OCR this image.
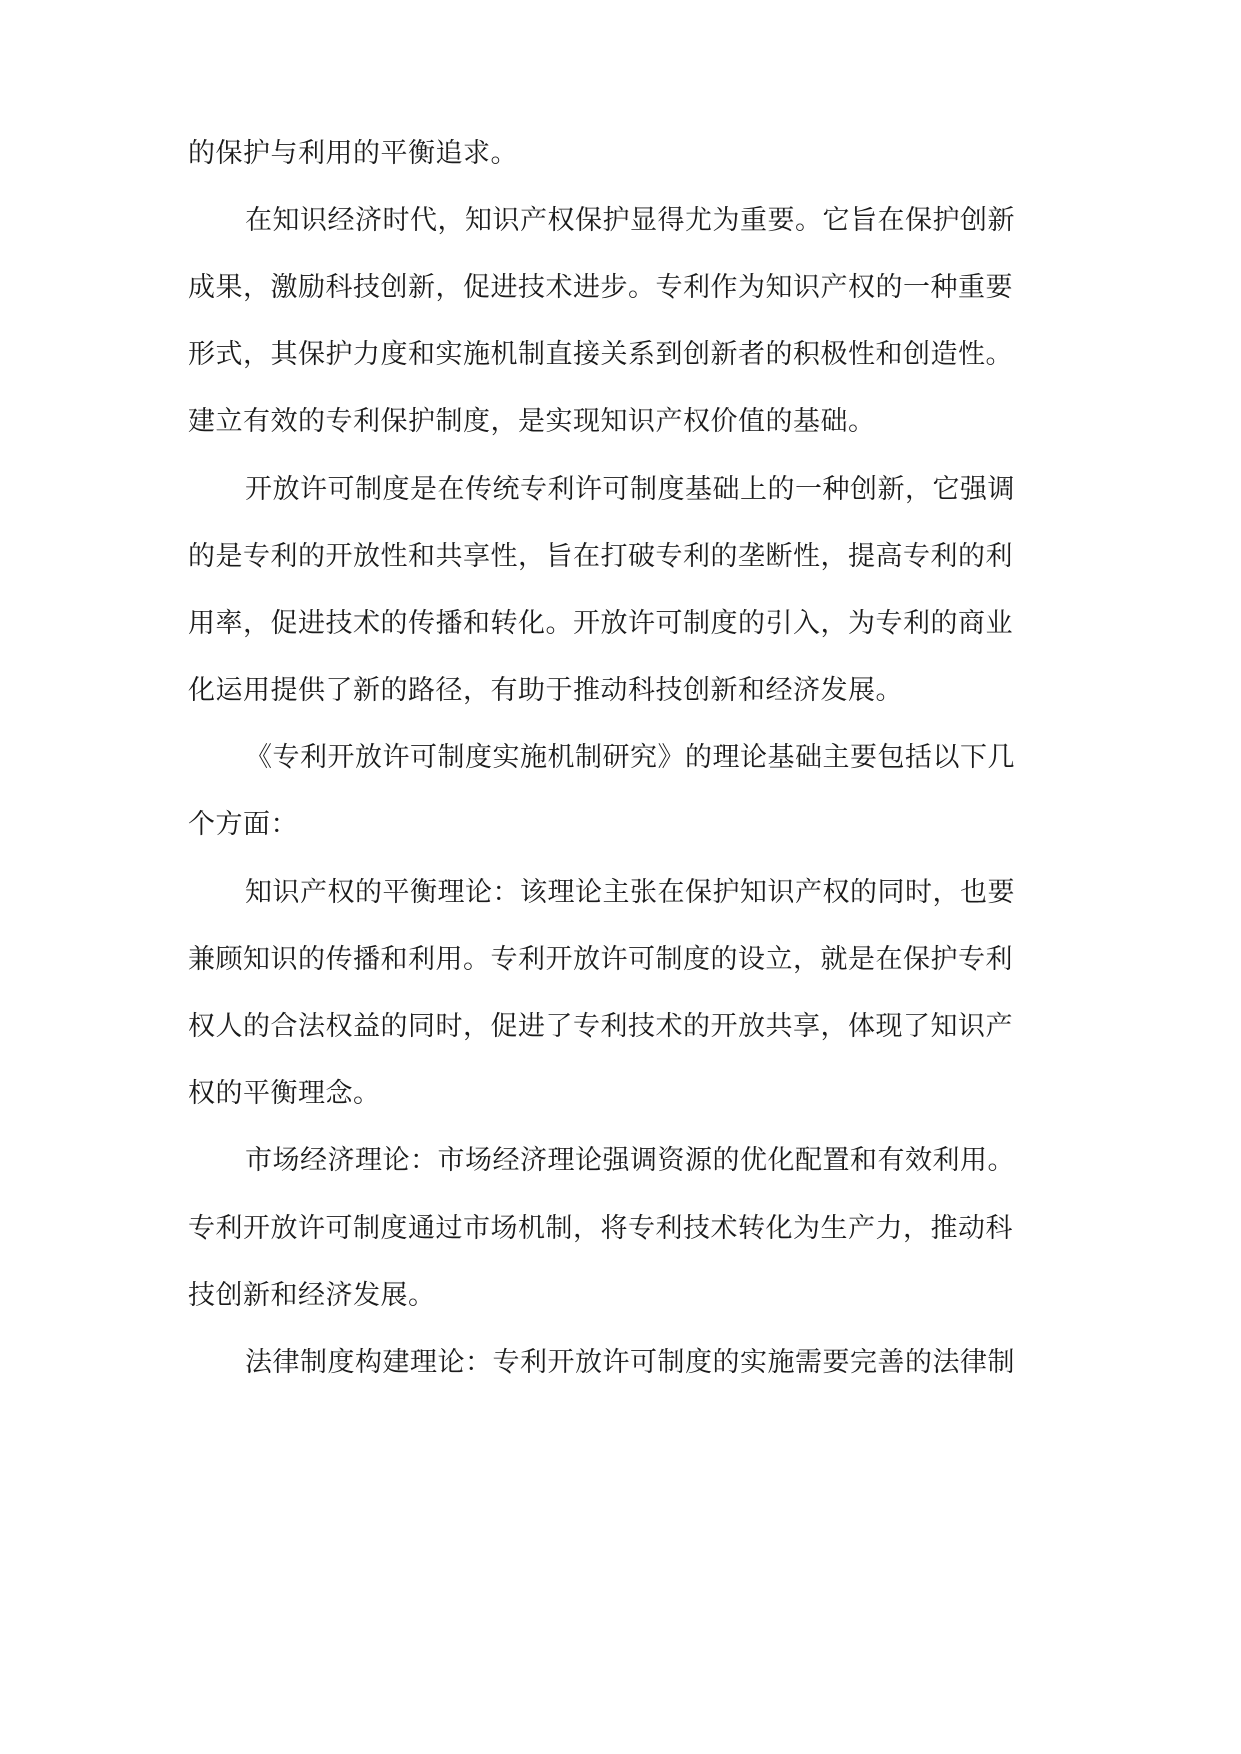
的保护与利用的平衡追求。

在知识经济时代，知识产权保护显得尤为重要。它旨在保护创新

成果，激励科技创新，促进技术进步。专利作为知识产权的一种重要

形式，其保护力度和实施机制直接关系到创新者的积极性和创造性。

建立有效的专利保护制度，是实现知识产权价值的基础。

开放许可制度是在传统专利许可制度基础上的一种创新，它强调

的是专利的开放性和共享性，旨在打破专利的垄断性，提高专利的利

用率，促进技术的传播和转化。开放许可制度的引入，为专利的商业

化运用提供了新的路径，有助于推动科技创新和经济发展。

《专利开放许可制度实施机制研究》的理论基础主要包括以下几

个方面：

知识产权的平衡理论：该理论主张在保护知识产权的同时，也要

兼顾知识的传播和利用。专利开放许可制度的设立，就是在保护专利

权人的合法权益的同时，促进了专利技术的开放共享，体现了知识产

权的平衡理念。

市场经济理论：市场经济理论强调资源的优化配置和有效利用。

专利开放许可制度通过市场机制，将专利技术转化为生产力，推动科

技创新和经济发展。

法律制度构建理论：专利开放许可制度的实施需要完善的法律制
